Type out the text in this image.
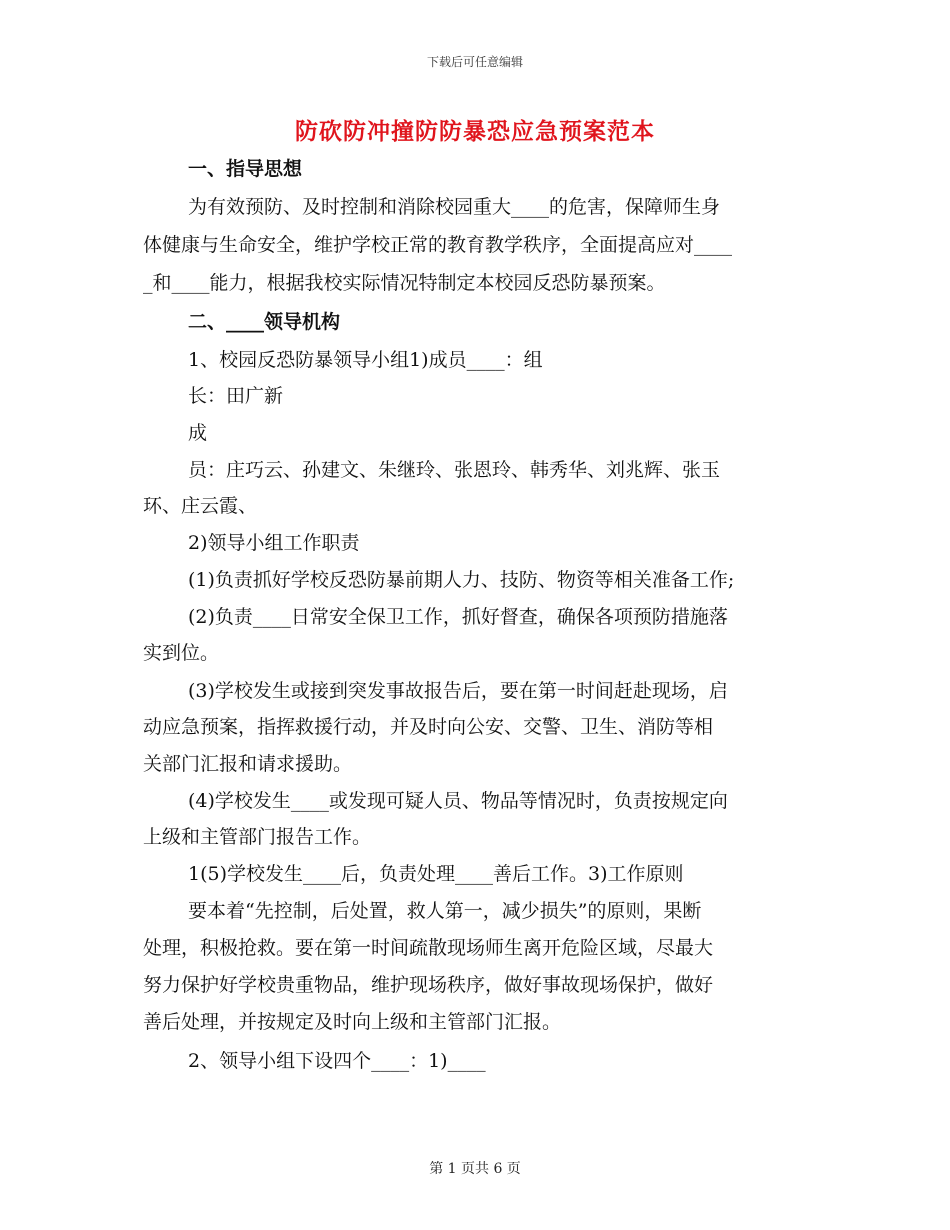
下载后可任意编辑
防砍防冲撞防防暴恐应急预案范本
一、指导思想
为有效预防、及时控制和消除校园重大____的危害，保障师生身
体健康与生命安全，维护学校正常的教育教学秩序，全面提高应对____
_和____能力，根据我校实际情况特制定本校园反恐防暴预案。
二、____领导机构
1、校园反恐防暴领导小组1)成员____：组
长：田广新
成
员：庄巧云、孙建文、朱继玲、张恩玲、韩秀华、刘兆辉、张玉
环、庄云霞、
2)领导小组工作职责
(1)负责抓好学校反恐防暴前期人力、技防、物资等相关准备工作;
(2)负责____日常安全保卫工作，抓好督查，确保各项预防措施落
实到位。
(3)学校发生或接到突发事故报告后，要在第一时间赶赴现场，启
动应急预案，指挥救援行动，并及时向公安、交警、卫生、消防等相
关部门汇报和请求援助。
(4)学校发生____或发现可疑人员、物品等情况时，负责按规定向
上级和主管部门报告工作。
1(5)学校发生____后，负责处理____善后工作。3)工作原则
要本着“先控制，后处置，救人第一，减少损失”的原则，果断
处理，积极抢救。要在第一时间疏散现场师生离开危险区域，尽最大
努力保护好学校贵重物品，维护现场秩序，做好事故现场保护，做好
善后处理，并按规定及时向上级和主管部门汇报。
2、领导小组下设四个____：1)____
第 1 页共 6 页
